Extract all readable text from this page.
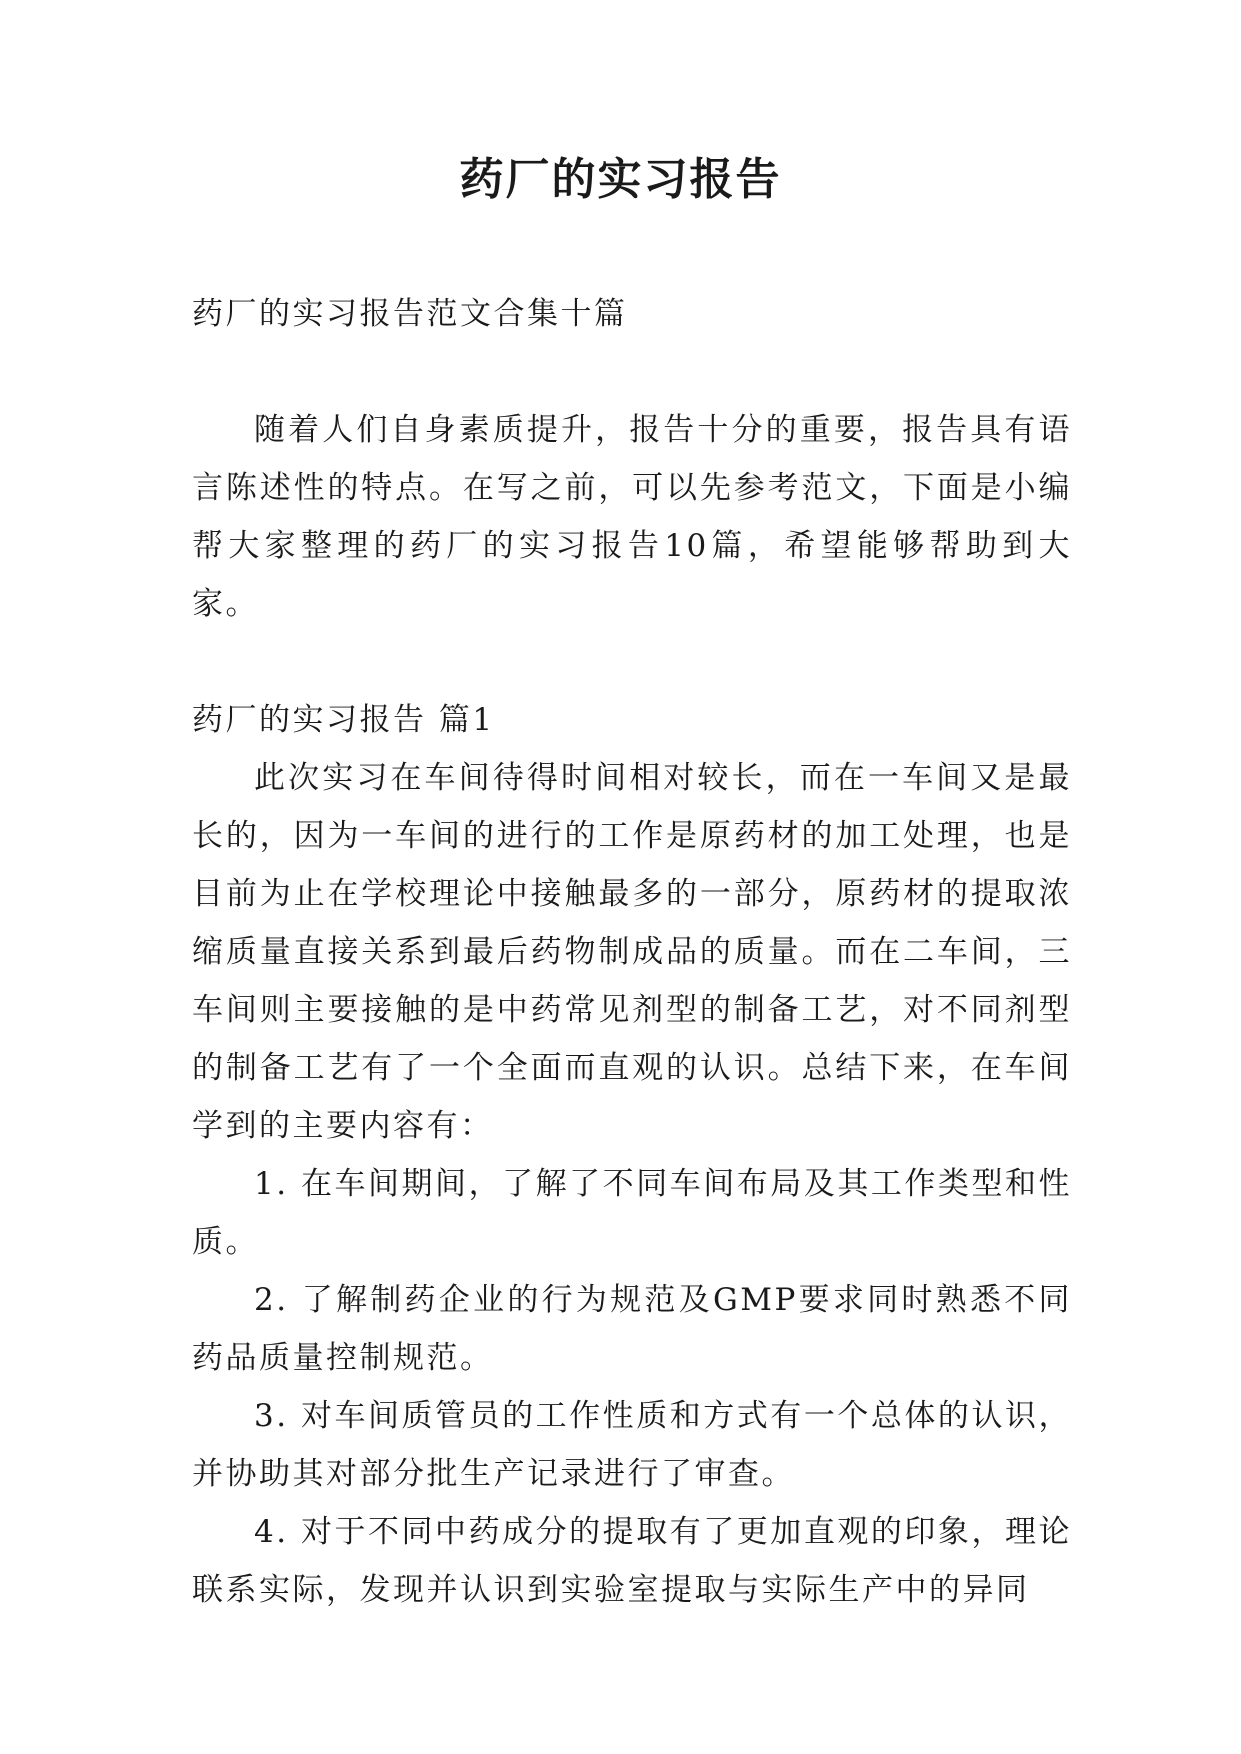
药厂的实习报告

药厂的实习报告范文合集十篇

随着人们自身素质提升，报告十分的重要，报告具有语言陈述性的特点。在写之前，可以先参考范文，下面是小编帮大家整理的药厂的实习报告10篇，希望能够帮助到大家。

药厂的实习报告 篇1

此次实习在车间待得时间相对较长，而在一车间又是最长的，因为一车间的进行的工作是原药材的加工处理，也是目前为止在学校理论中接触最多的一部分，原药材的提取浓缩质量直接关系到最后药物制成品的质量。而在二车间，三车间则主要接触的是中药常见剂型的制备工艺，对不同剂型的制备工艺有了一个全面而直观的认识。总结下来，在车间学到的主要内容有：

1. 在车间期间，了解了不同车间布局及其工作类型和性质。

2. 了解制药企业的行为规范及GMP要求同时熟悉不同药品质量控制规范。

3. 对车间质管员的工作性质和方式有一个总体的认识，并协助其对部分批生产记录进行了审查。

4. 对于不同中药成分的提取有了更加直观的印象，理论联系实际，发现并认识到实验室提取与实际生产中的异同
